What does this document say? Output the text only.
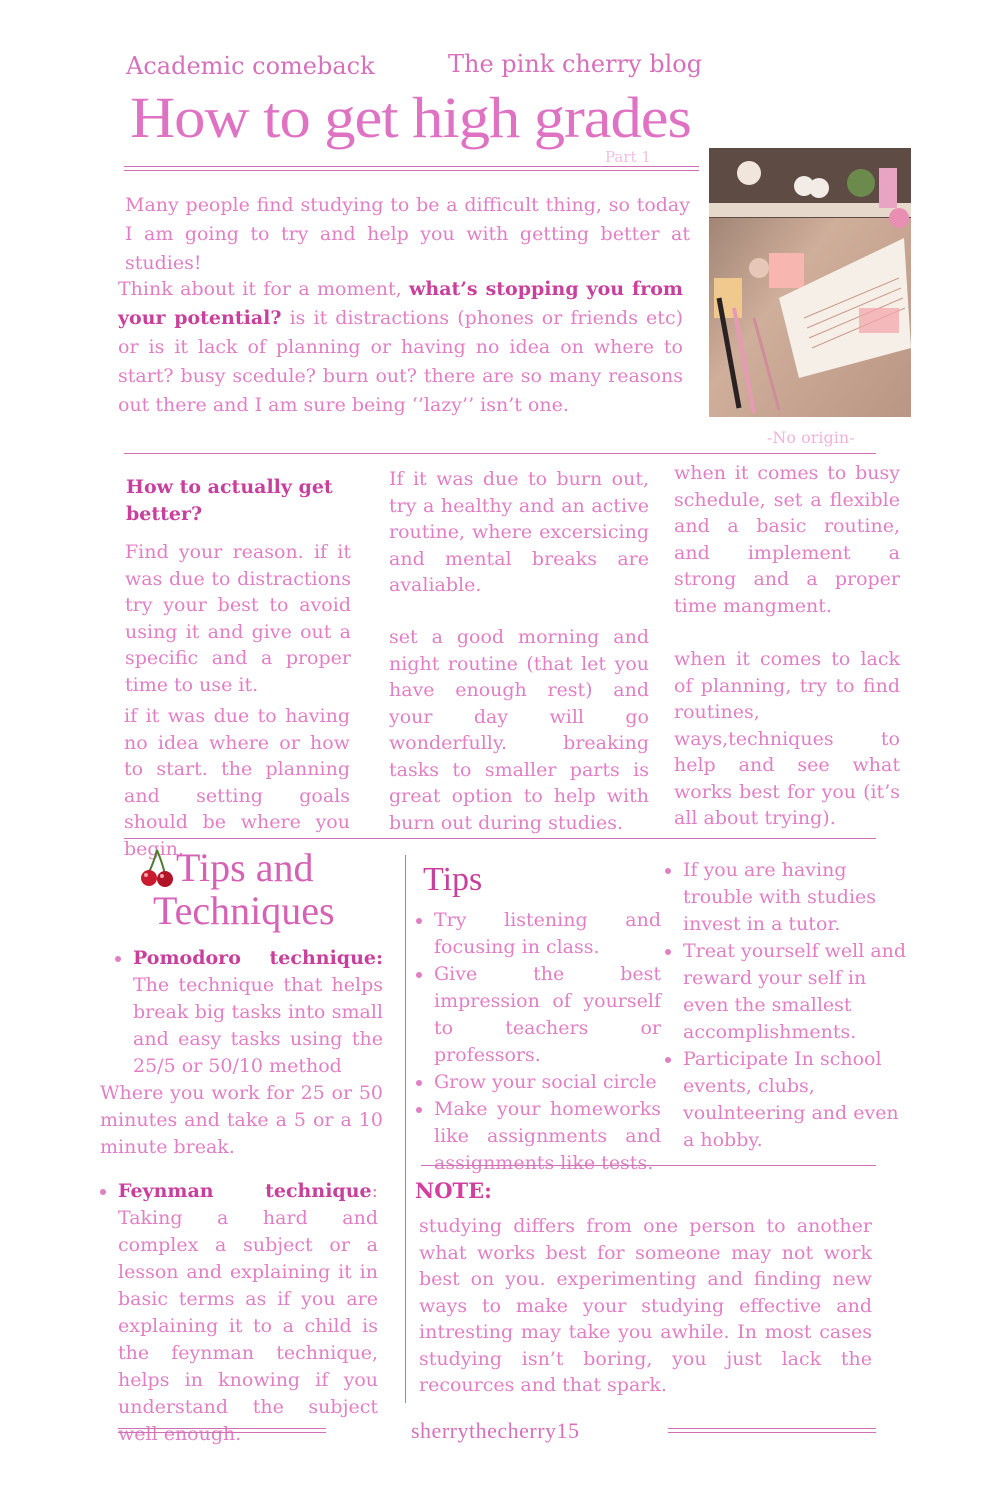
Academic comeback	The pink cherry blog
How to get high grades
Part 1

Many people find studying to be a difficult thing, so today I am going to try and help you with getting better at studies!

Think about it for a moment, what’s stopping you from your potential? is it distractions (phones or friends etc) or is it lack of planning or having no idea on where to start? busy scedule? burn out? there are so many reasons out there and I am sure being ‘’lazy’’ isn’t one.

-No origin-
How to actually get better?

Find your reason. if it was due to distractions try your best to avoid using it and give out a specific and a proper time to use it.

if it was due to having no idea where or how to start. the planning and setting goals should be where you begin.

If it was due to burn out, try a healthy and an active routine, where excersicing and mental breaks are avaliable.

set a good morning and night routine (that let you have enough rest) and your day will go wonderfully. breaking tasks to smaller parts is great option to help with burn out during studies.

when it comes to busy schedule, set a flexible and a basic routine, and implement a strong and a proper time mangment.

when it comes to lack of planning, try to find routines, ways,techniques to help and see what works best for you (it’s all about trying).

Tips and
Techniques

Pomodoro technique: The technique that helps break big tasks into small and easy tasks using the 25/5 or 50/10 method

Where you work for 25 or 50 minutes and take a 5 or a 10 minute break.

Feynman technique: Taking a hard and complex a subject or a lesson and explaining it in basic terms as if you are explaining it to a child is the feynman technique, helps in knowing if you understand the subject well enough.

Tips

Try listening and focusing in class.

Give the best impression of yourself to teachers or professors.

Grow your social circle

Make your homeworks like assignments and assignments like tests.

If you are having trouble with studies invest in a tutor.

Treat yourself well and reward your self in even the smallest accomplishments.

Participate In school events, clubs, voulnteering and even a hobby.

NOTE:

studying differs from one person to another what works best for someone may not work best on you. experimenting and finding new ways to make your studying effective and intresting may take you awhile. In most cases studying isn’t boring, you just lack the recources and that spark.

sherrythecherry15
